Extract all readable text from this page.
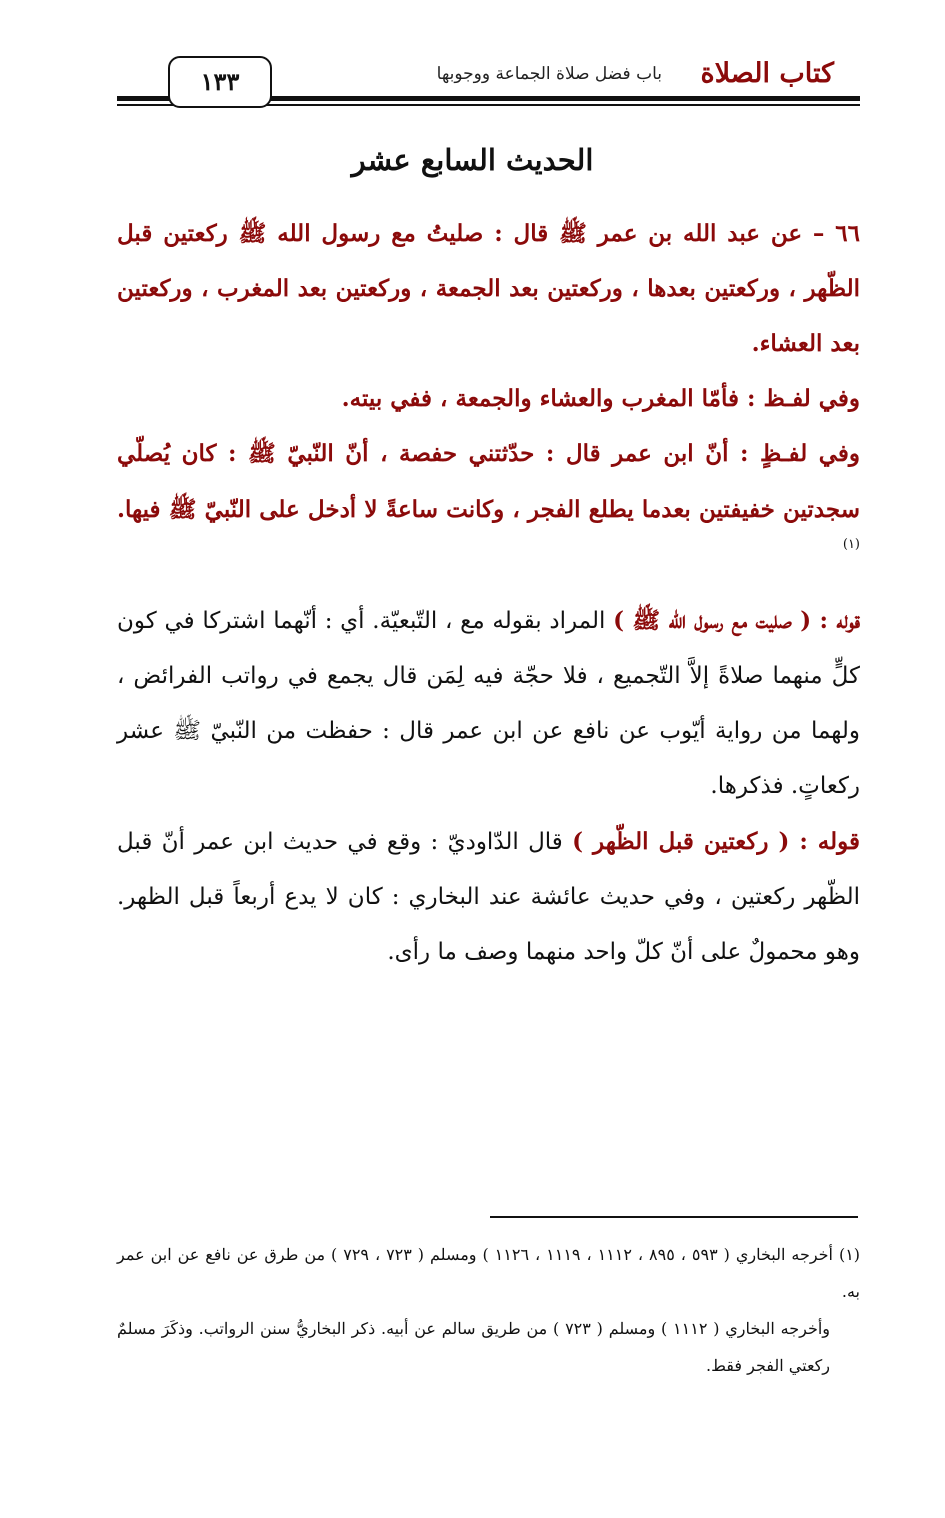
١٣٣	كتاب الصلاة
باب فضل صلاة الجماعة ووجوبها
الحديث السابع عشر

٦٦ – عن عبد الله بن عمر ﷺ قال : صليتُ مع رسول الله ﷺ ركعتين قبل الظّهر ، وركعتين بعدها ، وركعتين بعد الجمعة ، وركعتين بعد المغرب ، وركعتين بعد العشاء.

وفي لفـظ : فأمّا المغرب والعشاء والجمعة ، ففي بيته.

وفي لفـظٍ : أنّ ابن عمر قال : حدّثتني حفصة ، أنّ النّبيّ ﷺ : كان يُصلّي سجدتين خفيفتين بعدما يطلع الفجر ، وكانت ساعةً لا أدخل على النّبيّ ﷺ فيها. $^{(١)}$

قوله : ( صليت مع رسول الله ﷺ ) المراد بقوله مع ، التّبعيّة. أي : أنّهما اشتركا في كون كلٍّ منهما صلاةً إلاَّ التّجميع ، فلا حجّة فيه لِمَن قال يجمع في رواتب الفرائض ، ولهما من رواية أيّوب عن نافع عن ابن عمر قال : حفظت من النّبيّ ﷺ عشر ركعاتٍ. فذكرها.

قوله : ( ركعتين قبل الظّهر ) قال الدّاوديّ : وقع في حديث ابن عمر أنّ قبل الظّهر ركعتين ، وفي حديث عائشة عند البخاري : كان لا يدع أربعاً قبل الظهر. وهو محمولٌ على أنّ كلّ واحد منهما وصف ما رأى.

(١) أخرجه البخاري ( ٥٩٣ ، ٨٩٥ ، ١١١٢ ، ١١١٩ ، ١١٢٦ ) ومسلم ( ٧٢٣ ، ٧٢٩ ) من طرق عن نافع عن ابن عمر به.

وأخرجه البخاري ( ١١١٢ ) ومسلم ( ٧٢٣ ) من طريق سالم عن أبيه. ذكر البخاريُّ سنن الرواتب. وذكَرَ مسلمٌ ركعتي الفجر فقط.
